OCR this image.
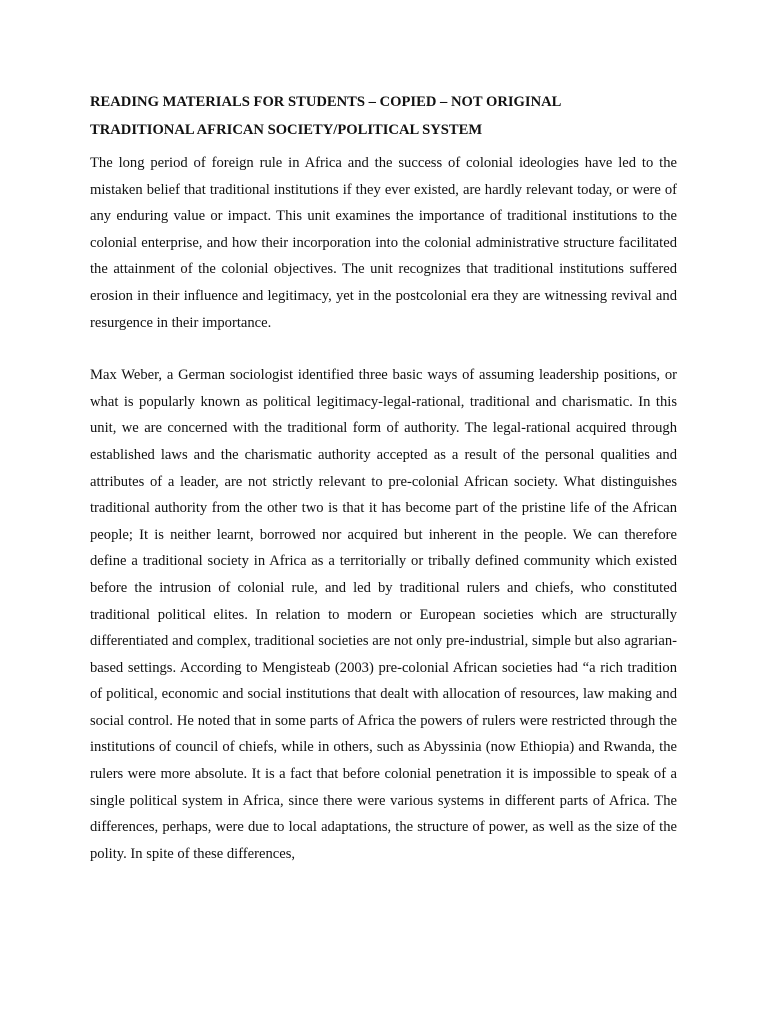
READING MATERIALS FOR STUDENTS – COPIED – NOT ORIGINAL

TRADITIONAL AFRICAN SOCIETY/POLITICAL SYSTEM

The long period of foreign rule in Africa and the success of colonial ideologies have led to the mistaken belief that traditional institutions if they ever existed, are hardly relevant today, or were of any enduring value or impact. This unit examines the importance of traditional institutions to the colonial enterprise, and how their incorporation into the colonial administrative structure facilitated the attainment of the colonial objectives. The unit recognizes that traditional institutions suffered erosion in their influence and legitimacy, yet in the postcolonial era they are witnessing revival and resurgence in their importance.

Max Weber, a German sociologist identified three basic ways of assuming leadership positions, or what is popularly known as political legitimacy-legal-rational, traditional and charismatic. In this unit, we are concerned with the traditional form of authority. The legal-rational acquired through established laws and the charismatic authority accepted as a result of the personal qualities and attributes of a leader, are not strictly relevant to pre-colonial African society. What distinguishes traditional authority from the other two is that it has become part of the pristine life of the African people; It is neither learnt, borrowed nor acquired but inherent in the people. We can therefore define a traditional society in Africa as a territorially or tribally defined community which existed before the intrusion of colonial rule, and led by traditional rulers and chiefs, who constituted traditional political elites. In relation to modern or European societies which are structurally differentiated and complex, traditional societies are not only pre-industrial, simple but also agrarian-based settings. According to Mengisteab (2003) pre-colonial African societies had “a rich tradition of political, economic and social institutions that dealt with allocation of resources, law making and social control. He noted that in some parts of Africa the powers of rulers were restricted through the institutions of council of chiefs, while in others, such as Abyssinia (now Ethiopia) and Rwanda, the rulers were more absolute. It is a fact that before colonial penetration it is impossible to speak of a single political system in Africa, since there were various systems in different parts of Africa. The differences, perhaps, were due to local adaptations, the structure of power, as well as the size of the polity. In spite of these differences,
